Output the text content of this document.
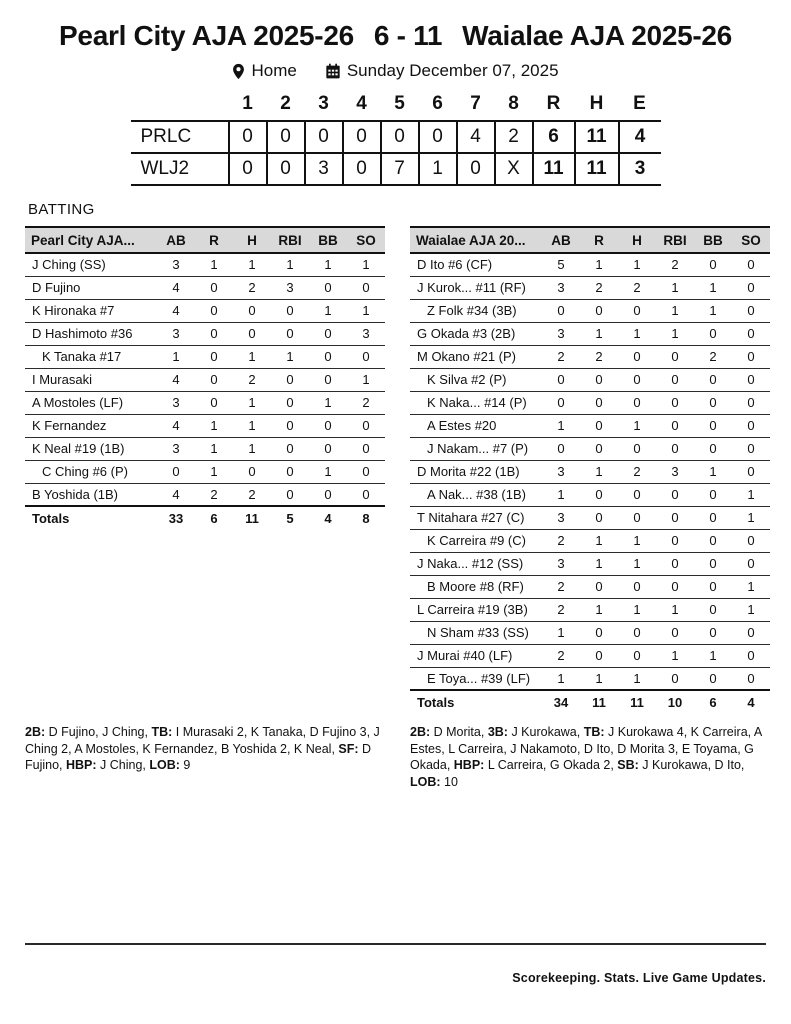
Pearl City AJA 2025-26 6 - 11 Waialae AJA 2025-26
Home	Sunday December 07, 2025
	1	2	3	4	5	6	7	8	R	H	E
PRLC	0	0	0	0	0	0	4	2	6	11	4
WLJ2	0	0	3	0	7	1	0	X	11	11	3
BATTING
Pearl City AJA...	AB	R	H	RBI	BB	SO
J Ching (SS)	3	1	1	1	1	1
D Fujino	4	0	2	3	0	0
K Hironaka #7	4	0	0	0	1	1
D Hashimoto #36	3	0	0	0	0	3
K Tanaka #17	1	0	1	1	0	0
I Murasaki	4	0	2	0	0	1
A Mostoles (LF)	3	0	1	0	1	2
K Fernandez	4	1	1	0	0	0
K Neal #19 (1B)	3	1	1	0	0	0
C Ching #6 (P)	0	1	0	0	1	0
B Yoshida (1B)	4	2	2	0	0	0
Totals	33	6	11	5	4	8
Waialae AJA 20...	AB	R	H	RBI	BB	SO
D Ito #6 (CF)	5	1	1	2	0	0
J Kurok... #11 (RF)	3	2	2	1	1	0
Z Folk #34 (3B)	0	0	0	1	1	0
G Okada #3 (2B)	3	1	1	1	0	0
M Okano #21 (P)	2	2	0	0	2	0
K Silva #2 (P)	0	0	0	0	0	0
K Naka... #14 (P)	0	0	0	0	0	0
A Estes #20	1	0	1	0	0	0
J Nakam... #7 (P)	0	0	0	0	0	0
D Morita #22 (1B)	3	1	2	3	1	0
A Nak... #38 (1B)	1	0	0	0	0	1
T Nitahara #27 (C)	3	0	0	0	0	1
K Carreira #9 (C)	2	1	1	0	0	0
J Naka... #12 (SS)	3	1	1	0	0	0
B Moore #8 (RF)	2	0	0	0	0	1
L Carreira #19 (3B)	2	1	1	1	0	1
N Sham #33 (SS)	1	0	0	0	0	0
J Murai #40 (LF)	2	0	0	1	1	0
E Toya... #39 (LF)	1	1	1	0	0	0
Totals	34	11	11	10	6	4
2B: D Fujino, J Ching, TB: I Murasaki 2, K Tanaka, D Fujino 3, J Ching 2, A Mostoles, K Fernandez, B Yoshida 2, K Neal, SF: D Fujino, HBP: J Ching, LOB: 9
2B: D Morita, 3B: J Kurokawa, TB: J Kurokawa 4, K Carreira, A Estes, L Carreira, J Nakamoto, D Ito, D Morita 3, E Toyama, G Okada, HBP: L Carreira, G Okada 2, SB: J Kurokawa, D Ito, LOB: 10
Scorekeeping. Stats. Live Game Updates.
